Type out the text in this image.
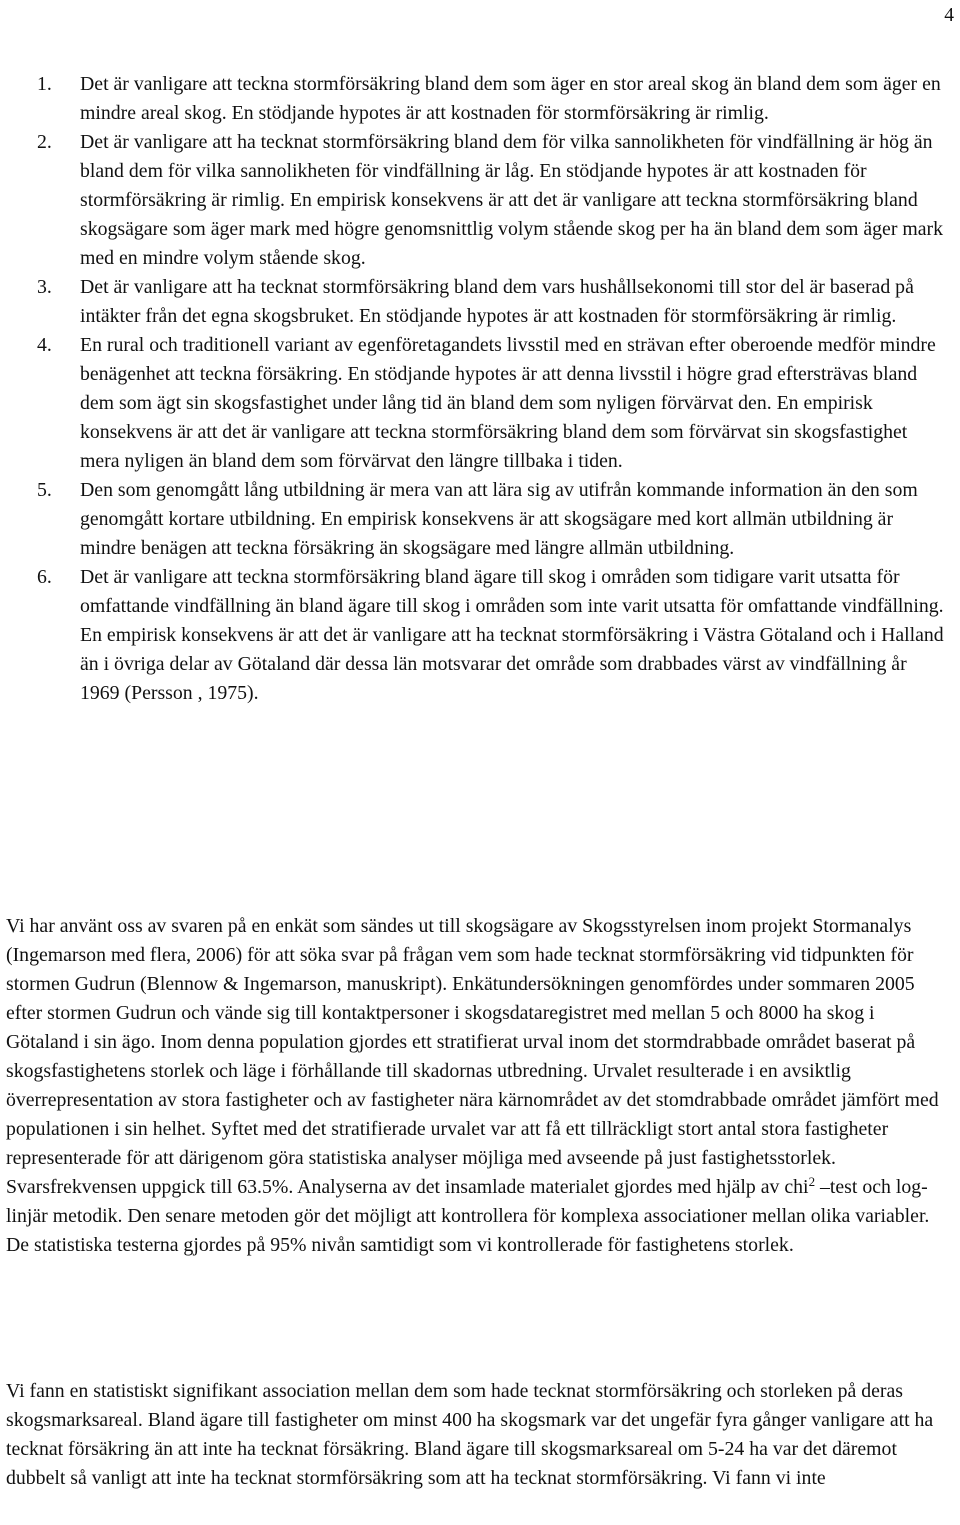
4
1. Det är vanligare att teckna stormförsäkring bland dem som äger en stor areal skog än bland dem som äger en mindre areal skog. En stödjande hypotes är att kostnaden för stormförsäkring är rimlig.
2. Det är vanligare att ha tecknat stormförsäkring bland dem för vilka sannolikheten för vindfällning är hög än bland dem för vilka sannolikheten för vindfällning är låg. En stödjande hypotes är att kostnaden för stormförsäkring är rimlig. En empirisk konsekvens är att det är vanligare att teckna stormförsäkring bland skogsägare som äger mark med högre genomsnittlig volym stående skog per ha än bland dem som äger mark med en mindre volym stående skog.
3. Det är vanligare att ha tecknat stormförsäkring bland dem vars hushållsekonomi till stor del är baserad på intäkter från det egna skogsbruket. En stödjande hypotes är att kostnaden för stormförsäkring är rimlig.
4. En rural och traditionell variant av egenföretagandets livsstil med en strävan efter oberoende medför mindre benägenhet att teckna försäkring. En stödjande hypotes är att denna livsstil i högre grad eftersträvas bland dem som ägt sin skogsfastighet under lång tid än bland dem som nyligen förvärvat den. En empirisk konsekvens är att det är vanligare att teckna stormförsäkring bland dem som förvärvat sin skogsfastighet mera nyligen än bland dem som förvärvat den längre tillbaka i tiden.
5. Den som genomgått lång utbildning är mera van att lära sig av utifrån kommande information än den som genomgått kortare utbildning. En empirisk konsekvens är att skogsägare med kort allmän utbildning är mindre benägen att teckna försäkring än skogsägare med längre allmän utbildning.
6. Det är vanligare att teckna stormförsäkring bland ägare till skog i områden som tidigare varit utsatta för omfattande vindfällning än bland ägare till skog i områden som inte varit utsatta för omfattande vindfällning. En empirisk konsekvens är att det är vanligare att ha tecknat stormförsäkring i Västra Götaland och i Halland än i övriga delar av Götaland där dessa län motsvarar det område som drabbades värst av vindfällning år 1969 (Persson , 1975).

Vi har använt oss av svaren på en enkät som sändes ut till skogsägare av Skogsstyrelsen inom projekt Stormanalys (Ingemarson med flera, 2006) för att söka svar på frågan vem som hade tecknat stormförsäkring vid tidpunkten för stormen Gudrun (Blennow & Ingemarson, manuskript). Enkätundersökningen genomfördes under sommaren 2005 efter stormen Gudrun och vände sig till kontaktpersoner i skogsdataregistret med mellan 5 och 8000 ha skog i Götaland i sin ägo. Inom denna population gjordes ett stratifierat urval inom det stormdrabbade området baserat på skogsfastighetens storlek och läge i förhållande till skadornas utbredning. Urvalet resulterade i en avsiktlig överrepresentation av stora fastigheter och av fastigheter nära kärnområdet av det stomdrabbade området jämfört med populationen i sin helhet. Syftet med det stratifierade urvalet var att få ett tillräckligt stort antal stora fastigheter representerade för att därigenom göra statistiska analyser möjliga med avseende på just fastighetsstorlek. Svarsfrekvensen uppgick till 63.5%. Analyserna av det insamlade materialet gjordes med hjälp av chi$^2$ –test och log-linjär metodik. Den senare metoden gör det möjligt att kontrollera för komplexa associationer mellan olika variabler. De statistiska testerna gjordes på 95% nivån samtidigt som vi kontrollerade för fastighetens storlek.

Vi fann en statistiskt signifikant association mellan dem som hade tecknat stormförsäkring och storleken på deras skogsmarksareal. Bland ägare till fastigheter om minst 400 ha skogsmark var det ungefär fyra gånger vanligare att ha tecknat försäkring än att inte ha tecknat försäkring. Bland ägare till skogsmarksareal om 5-24 ha var det däremot dubbelt så vanligt att inte ha tecknat stormförsäkring som att ha tecknat stormförsäkring. Vi fann vi inte
